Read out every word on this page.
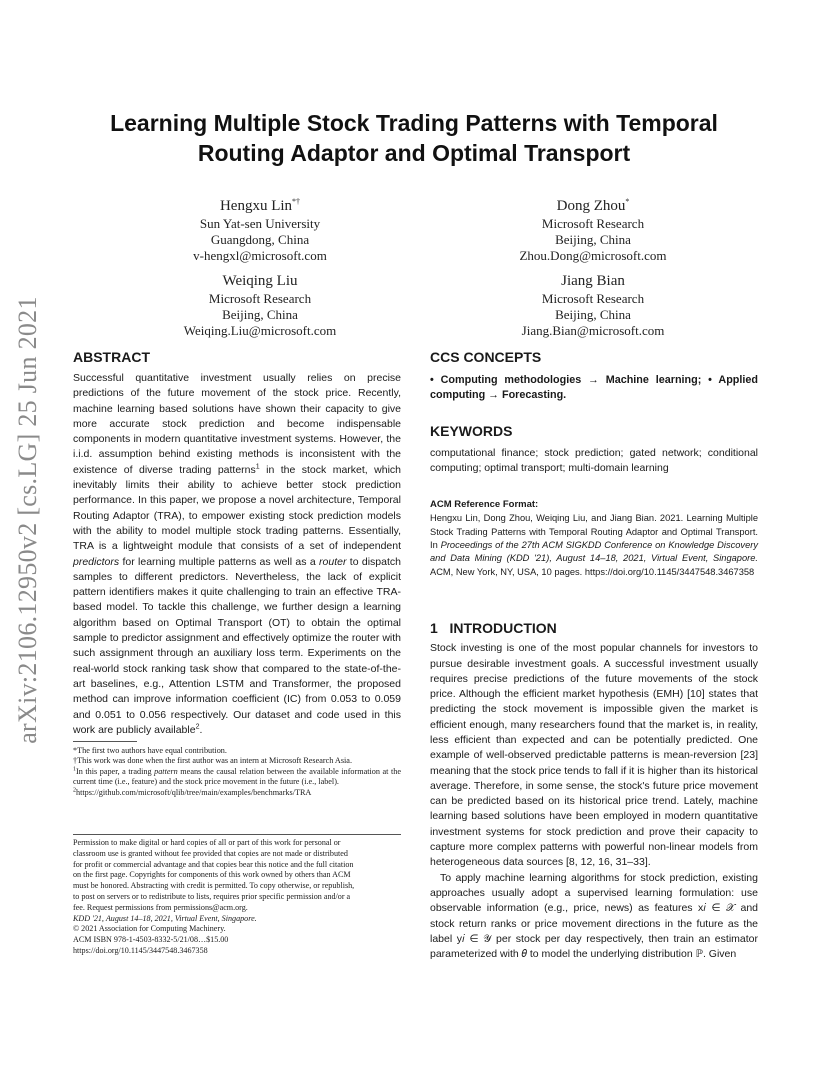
arXiv:2106.12950v2 [cs.LG] 25 Jun 2021
Learning Multiple Stock Trading Patterns with Temporal
Routing Adaptor and Optimal Transport
Hengxu Lin*†
Sun Yat-sen University
Guangdong, China
v-hengxl@microsoft.com
Dong Zhou*
Microsoft Research
Beijing, China
Zhou.Dong@microsoft.com
Weiqing Liu
Microsoft Research
Beijing, China
Weiqing.Liu@microsoft.com
Jiang Bian
Microsoft Research
Beijing, China
Jiang.Bian@microsoft.com
ABSTRACT

Successful quantitative investment usually relies on precise predictions of the future movement of the stock price. Recently, machine learning based solutions have shown their capacity to give more accurate stock prediction and become indispensable components in modern quantitative investment systems. However, the i.i.d. assumption behind existing methods is inconsistent with the existence of diverse trading patterns$^1$ in the stock market, which inevitably limits their ability to achieve better stock prediction performance. In this paper, we propose a novel architecture, Temporal Routing Adaptor (TRA), to empower existing stock prediction models with the ability to model multiple stock trading patterns. Essentially, TRA is a lightweight module that consists of a set of independent predictors for learning multiple patterns as well as a router to dispatch samples to different predictors. Nevertheless, the lack of explicit pattern identifiers makes it quite challenging to train an effective TRA-based model. To tackle this challenge, we further design a learning algorithm based on Optimal Transport (OT) to obtain the optimal sample to predictor assignment and effectively optimize the router with such assignment through an auxiliary loss term. Experiments on the real-world stock ranking task show that compared to the state-of-the-art baselines, e.g., Attention LSTM and Transformer, the proposed method can improve information coefficient (IC) from 0.053 to 0.059 and 0.051 to 0.056 respectively. Our dataset and code used in this work are publicly available$^2$.

*The first two authors have equal contribution.
†This work was done when the first author was an intern at Microsoft Research Asia.
$^1$In this paper, a trading pattern means the causal relation between the available information at the current time (i.e., feature) and the stock price movement in the future (i.e., label).
$^2$https://github.com/microsoft/qlib/tree/main/examples/benchmarks/TRA
Permission to make digital or hard copies of all or part of this work for personal or
classroom use is granted without fee provided that copies are not made or distributed
for profit or commercial advantage and that copies bear this notice and the full citation
on the first page. Copyrights for components of this work owned by others than ACM
must be honored. Abstracting with credit is permitted. To copy otherwise, or republish,
to post on servers or to redistribute to lists, requires prior specific permission and/or a
fee. Request permissions from permissions@acm.org.
KDD '21, August 14–18, 2021, Virtual Event, Singapore.
© 2021 Association for Computing Machinery.
ACM ISBN 978-1-4503-8332-5/21/08…$15.00
https://doi.org/10.1145/3447548.3467358
CCS CONCEPTS

• Computing methodologies → Machine learning; • Applied computing → Forecasting.

KEYWORDS

computational finance; stock prediction; gated network; conditional computing; optimal transport; multi-domain learning

ACM Reference Format:

Hengxu Lin, Dong Zhou, Weiqing Liu, and Jiang Bian. 2021. Learning Multiple Stock Trading Patterns with Temporal Routing Adaptor and Optimal Transport. In Proceedings of the 27th ACM SIGKDD Conference on Knowledge Discovery and Data Mining (KDD '21), August 14–18, 2021, Virtual Event, Singapore. ACM, New York, NY, USA, 10 pages. https://doi.org/10.1145/3447548.3467358

1 INTRODUCTION

Stock investing is one of the most popular channels for investors to pursue desirable investment goals. A successful investment usually requires precise predictions of the future movements of the stock price. Although the efficient market hypothesis (EMH) [10] states that predicting the stock movement is impossible given the market is efficient enough, many researchers found that the market is, in reality, less efficient than expected and can be potentially predicted. One example of well-observed predictable patterns is mean-reversion [23] meaning that the stock price tends to fall if it is higher than its historical average. Therefore, in some sense, the stock's future price movement can be predicted based on its historical price trend. Lately, machine learning based solutions have been employed in modern quantitative investment systems for stock prediction and prove their capacity to capture more complex patterns with powerful non-linear models from heterogeneous data sources [8, 12, 16, 31–33].

To apply machine learning algorithms for stock prediction, existing approaches usually adopt a supervised learning formulation: use observable information (e.g., price, news) as features x𝑖 ∈ 𝒳 and stock return ranks or price movement directions in the future as the label y𝑖 ∈ 𝒴 per stock per day respectively, then train an estimator parameterized with 𝜃 to model the underlying distribution ℙ. Given
